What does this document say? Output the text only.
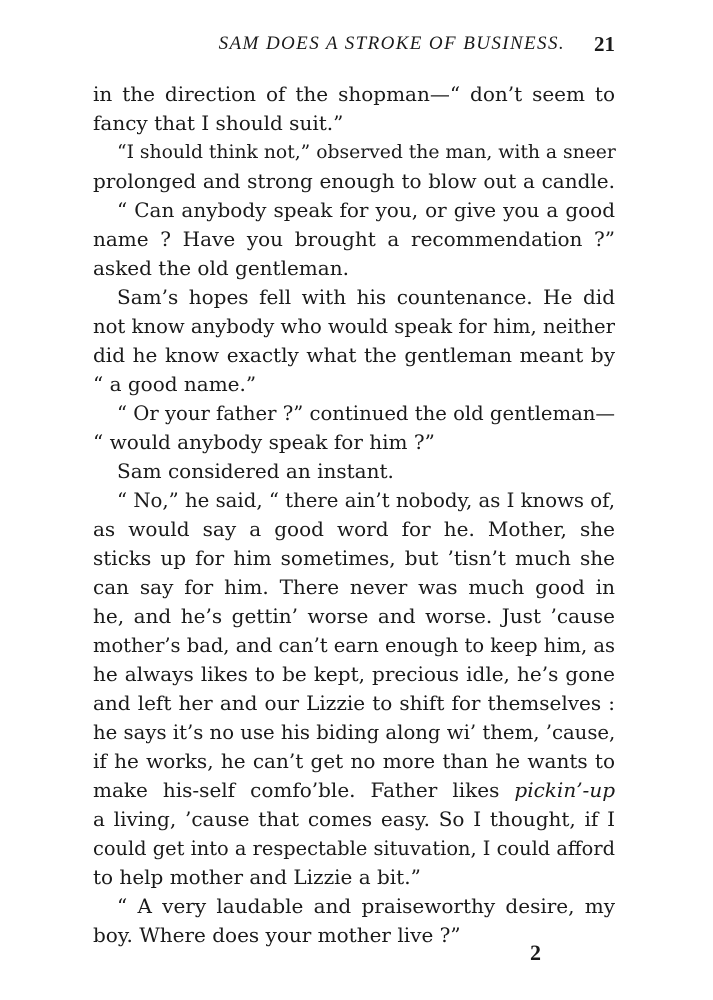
SAM DOES A STROKE OF BUSINESS. 21
in the direction of the shopman—“ don’t seem to
fancy that I should suit.”
“I should think not,” observed the man, with a sneer
prolonged and strong enough to blow out a candle.
“ Can anybody speak for you, or give you a good
name ? Have you brought a recommendation ?”
asked the old gentleman.
Sam’s hopes fell with his countenance. He did
not know anybody who would speak for him, neither
did he know exactly what the gentleman meant by
“ a good name.”
“ Or your father ?” continued the old gentleman—
“ would anybody speak for him ?”
Sam considered an instant.
“ No,” he said, “ there ain’t nobody, as I knows of,
as would say a good word for he. Mother, she
sticks up for him sometimes, but ’tisn’t much she
can say for him. There never was much good in
he, and he’s gettin’ worse and worse. Just ’cause
mother’s bad, and can’t earn enough to keep him, as
he always likes to be kept, precious idle, he’s gone
and left her and our Lizzie to shift for themselves :
he says it’s no use his biding along wi’ them, ’cause,
if he works, he can’t get no more than he wants to
make his-self comfo’ble. Father likes pickin’-up
a living, ’cause that comes easy. So I thought, if I
could get into a respectable situvation, I could afford
to help mother and Lizzie a bit.”
“ A very laudable and praiseworthy desire, my
boy. Where does your mother live ?”
2
